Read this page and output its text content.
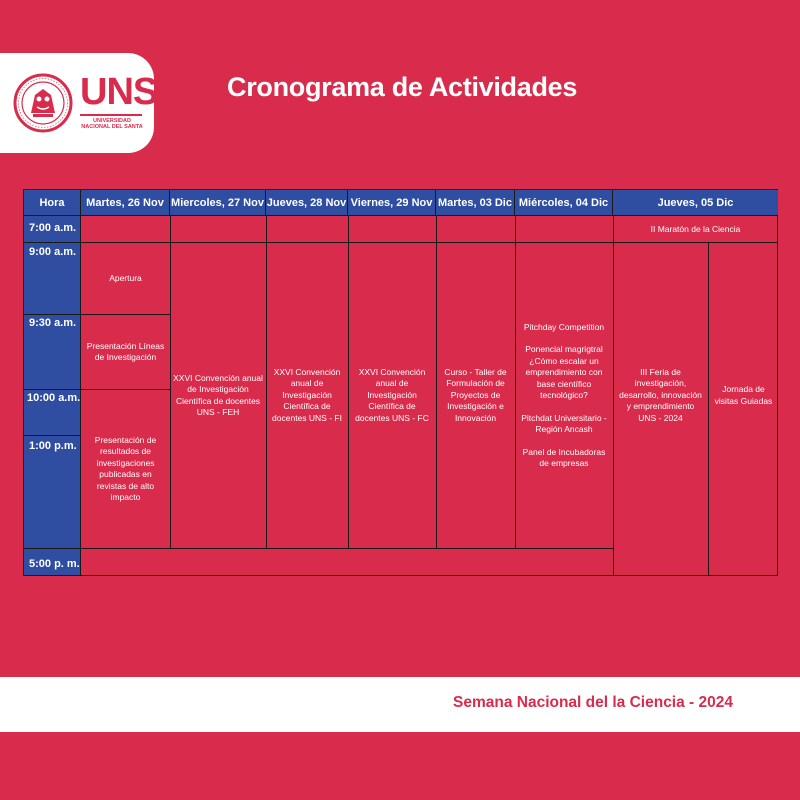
UNS
UNIVERSIDAD
NACIONAL DEL SANTA
Cronograma de Actividades
Hora	Martes, 26 Nov Miercoles, 27 Nov Jueves, 28 Nov Viernes, 29 Nov Martes, 03 Dic Miércoles, 04 Dic	Jueves, 05 Dic
7:00 a.m.
9:00 a.m.
9:30 a.m.
10:00 a.m.
1:00 p.m.
5:00 p. m.
II Maratón de la Ciencia
Apertura
Presentación Líneas de Investigación
Presentación de resultados de investigaciones publicadas en revistas de alto impacto
XXVI Convención anual de Investigación Científica de docentes UNS - FEH
XXVI Convención anual de Investigación Científica de docentes UNS - FI
XXVI Convención anual de Investigación Científica de docentes UNS - FC
Curso - Taller de Formulación de Proyectos de Investigación e Innovación

Pitchday Competition

Ponencial magrigtral ¿Cómo escalar un emprendimiento con base científico tecnológico?

Pitchdat Universitario - Región Ancash

Panel de Incubadoras de empresas

III Feria de investigación, desarrollo, innovación y emprendimiento UNS - 2024
Jornada de visitas Guiadas
Semana Nacional del la Ciencia - 2024
